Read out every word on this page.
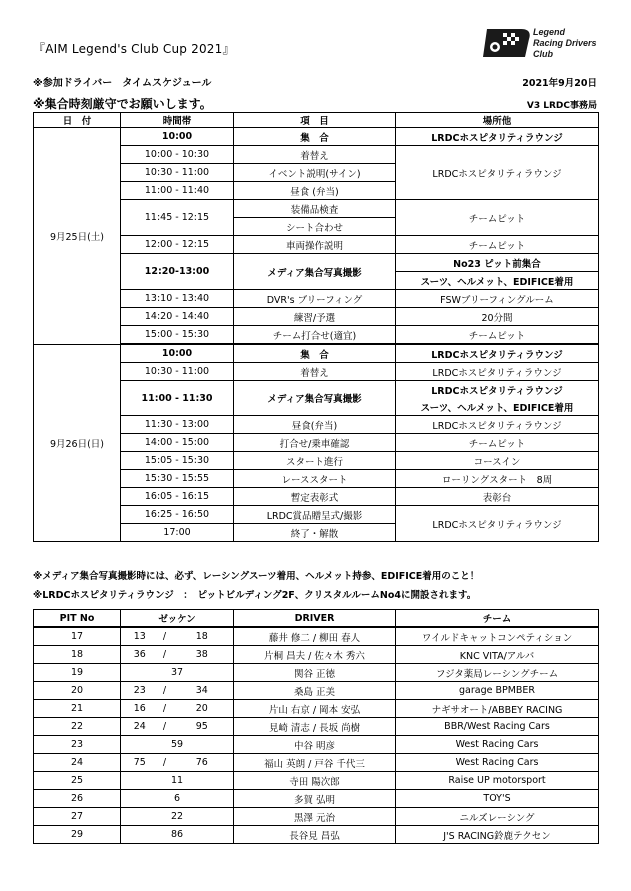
『AIM Legend's Club Cup 2021』
Legend
Racing Drivers
Club
※参加ドライバー　タイムスケジュール	2021年9月20日
※集合時刻厳守でお願いします。	V3 LRDC事務局
日　付	時間帯	項　目	場所他
9月25日(土)	10:00	集　合	LRDCホスピタリティラウンジ
	10:00 - 10:30	着替え	LRDCホスピタリティラウンジ
	10:30 - 11:00	イベント説明(サイン)	
	11:00 - 11:40	昼食 (弁当)	
	11:45 - 12:15	装備品検査	チームピット
		シート合わせ	
	12:00 - 12:15	車両操作説明	チームピット
	12:20-13:00	メディア集合写真撮影	No23 ピット前集合
			スーツ、ヘルメット、EDIFICE着用
	13:10 - 13:40	DVR's ブリーフィング	FSWブリーフィングルーム
	14:20 - 14:40	練習/予選	20分間
	15:00 - 15:30	チーム打合せ(適宜)	チームピット
9月26日(日)	10:00	集　合	LRDCホスピタリティラウンジ
	10:30 - 11:00	着替え	LRDCホスピタリティラウンジ
	11:00 - 11:30	メディア集合写真撮影	LRDCホスピタリティラウンジ
			スーツ、ヘルメット、EDIFICE着用
	11:30 - 13:00	昼食(弁当)	LRDCホスピタリティラウンジ
	14:00 - 15:00	打合せ/乗車確認	チームピット
	15:05 - 15:30	スタート進行	コースイン
	15:30 - 15:55	レーススタート	ローリングスタート　8周
	16:05 - 16:15	暫定表彰式	表彰台
	16:25 - 16:50	LRDC賞品贈呈式/撮影	LRDCホスピタリティラウンジ
	17:00	終了・解散	
※メディア集合写真撮影時には、必ず、レーシングスーツ着用、ヘルメット持参、EDIFICE着用のこと！
※LRDCホスピタリティラウンジ　：　ピットビルディング2F、クリスタルルームNo4に開設されます。
PIT No	ゼッケン			DRIVER	チーム
17	13	/	18	藤井 修二 / 柳田 春人	ワイルドキャットコンペティション
18	36	/	38	片桐 昌夫 / 佐々木 秀六	KNC VITA/アルバ
19	37			関谷 正徳	フジタ薬局レーシングチーム
20	23	/	34	桑島 正美	garage BPMBER
21	16	/	20	片山 右京 / 岡本 安弘	ナギサオート/ABBEY RACING
22	24	/	95	見崎 清志 / 長坂 尚樹	BBR/West Racing Cars
23	59			中谷 明彦	West Racing Cars
24	75	/	76	福山 英朗 / 戸谷 千代三	West Racing Cars
25	11			寺田 陽次郎	Raise UP motorsport
26	6			多賀 弘明	TOY'S
27	22			黒澤 元治	ニルズレーシング
29	86			長谷見 昌弘	J'S RACING鈴鹿テクセン
